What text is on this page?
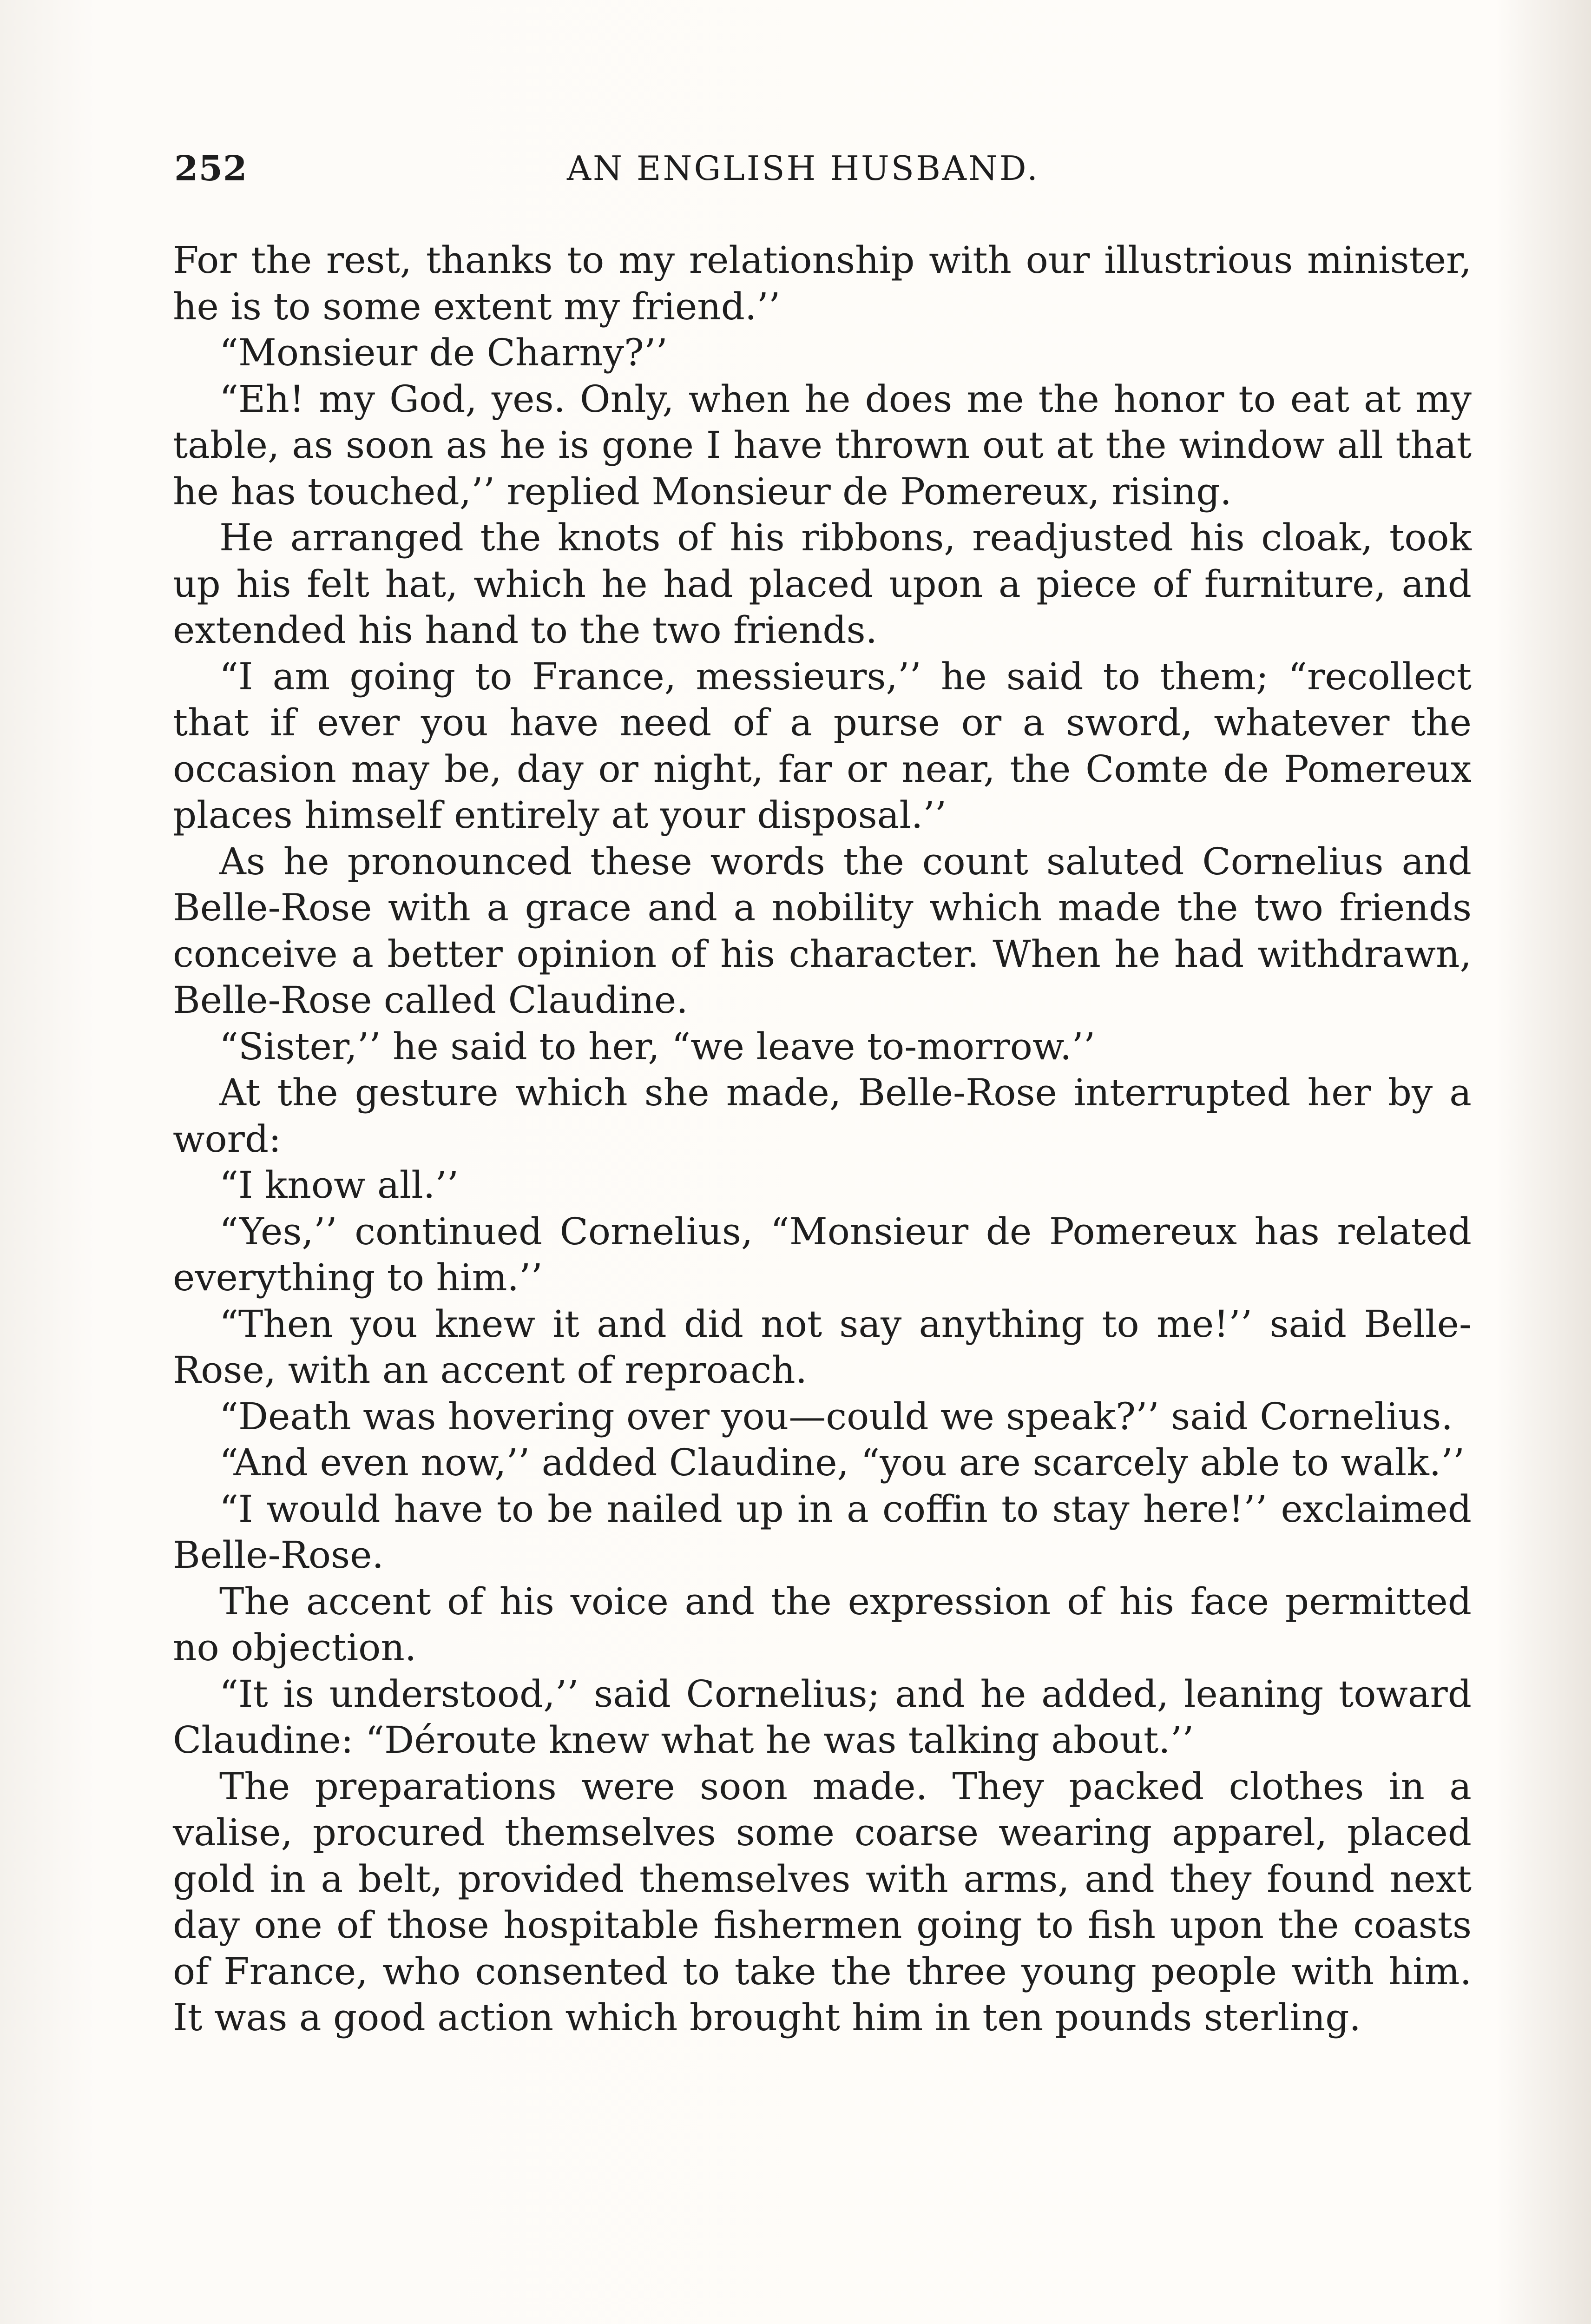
252	AN ENGLISH HUSBAND.

For the rest, thanks to my relationship with our illustrious minister, he is to some extent my friend.’’

“Monsieur de Charny?’’

“Eh! my God, yes. Only, when he does me the honor to eat at my table, as soon as he is gone I have thrown out at the window all that he has touched,’’ replied Monsieur de Pomereux, rising.

He arranged the knots of his ribbons, readjusted his cloak, took up his felt hat, which he had placed upon a piece of furniture, and extended his hand to the two friends.

“I am going to France, messieurs,’’ he said to them; “recollect that if ever you have need of a purse or a sword, whatever the occasion may be, day or night, far or near, the Comte de Pomereux places himself entirely at your disposal.’’

As he pronounced these words the count saluted Cornelius and Belle-Rose with a grace and a nobility which made the two friends conceive a better opinion of his character. When he had withdrawn, Belle-Rose called Claudine.

“Sister,’’ he said to her, “we leave to-morrow.’’

At the gesture which she made, Belle-Rose interrupted her by a word:

“I know all.’’

“Yes,’’ continued Cornelius, “Monsieur de Pomereux has related everything to him.’’

“Then you knew it and did not say anything to me!’’ said Belle-Rose, with an accent of reproach.

“Death was hovering over you—could we speak?’’ said Cornelius.

“And even now,’’ added Claudine, “you are scarcely able to walk.’’

“I would have to be nailed up in a coffin to stay here!’’ exclaimed Belle-Rose.

The accent of his voice and the expression of his face permitted no objection.

“It is understood,’’ said Cornelius; and he added, leaning toward Claudine: “Déroute knew what he was talking about.’’

The preparations were soon made. They packed clothes in a valise, procured themselves some coarse wearing apparel, placed gold in a belt, provided themselves with arms, and they found next day one of those hospitable fishermen going to fish upon the coasts of France, who consented to take the three young people with him. It was a good action which brought him in ten pounds sterling.
